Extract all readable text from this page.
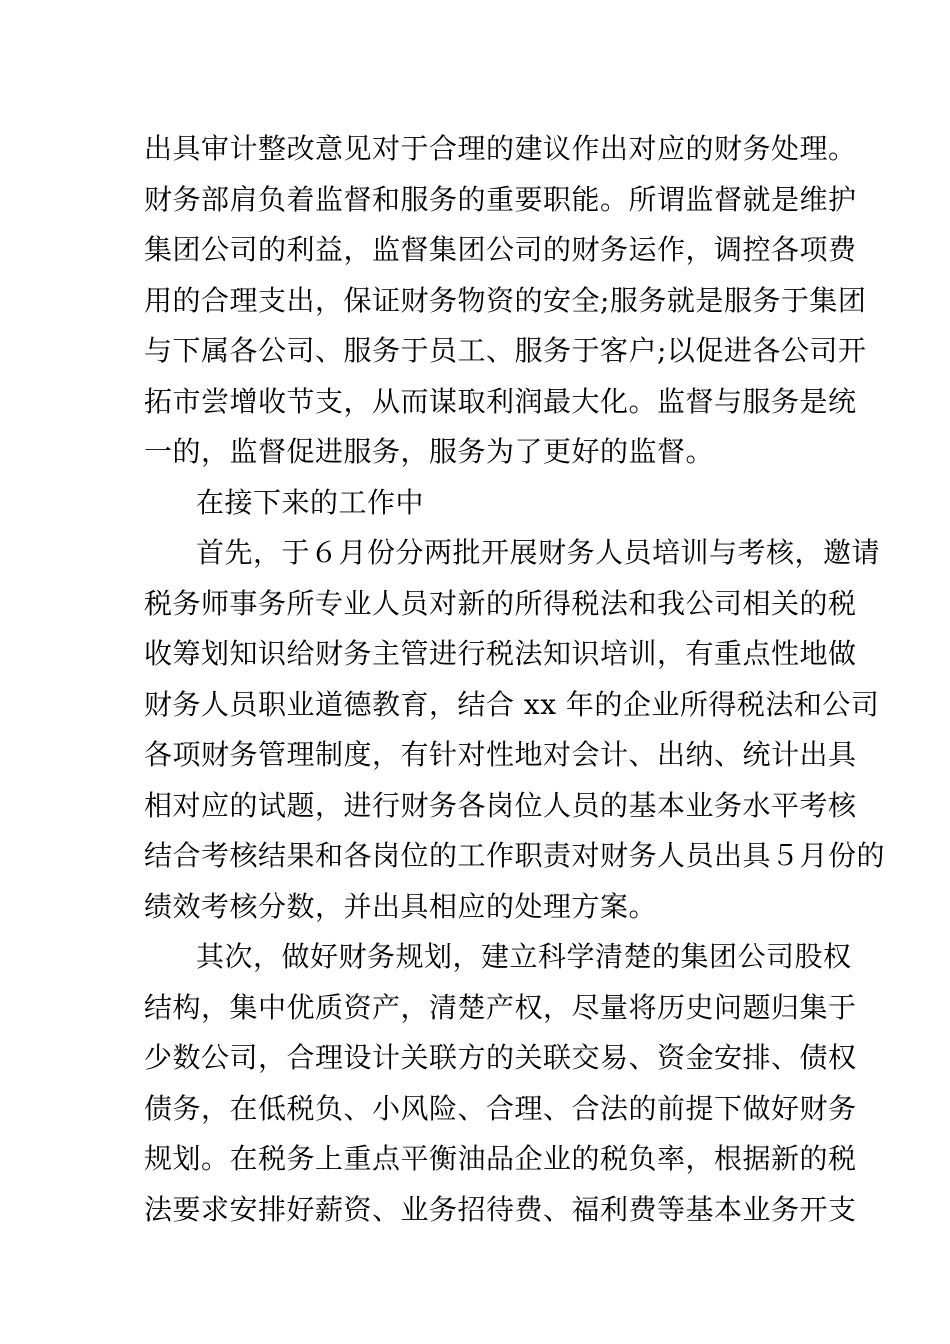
出具审计整改意见对于合理的建议作出对应的财务处理。
财务部肩负着监督和服务的重要职能。所谓监督就是维护
集团公司的利益，监督集团公司的财务运作，调控各项费
用的合理支出，保证财务物资的安全;服务就是服务于集团
与下属各公司、服务于员工、服务于客户;以促进各公司开
拓市尝增收节支，从而谋取利润最大化。监督与服务是统
一的，监督促进服务，服务为了更好的监督。
在接下来的工作中
首先，于６月份分两批开展财务人员培训与考核，邀请
税务师事务所专业人员对新的所得税法和我公司相关的税
收筹划知识给财务主管进行税法知识培训，有重点性地做
财务人员职业道德教育，结合 xx 年的企业所得税法和公司
各项财务管理制度，有针对性地对会计、出纳、统计出具
相对应的试题，进行财务各岗位人员的基本业务水平考核
结合考核结果和各岗位的工作职责对财务人员出具５月份的
绩效考核分数，并出具相应的处理方案。
其次，做好财务规划，建立科学清楚的集团公司股权
结构，集中优质资产，清楚产权，尽量将历史问题归集于
少数公司，合理设计关联方的关联交易、资金安排、债权
债务，在低税负、小风险、合理、合法的前提下做好财务
规划。在税务上重点平衡油品企业的税负率，根据新的税
法要求安排好薪资、业务招待费、福利费等基本业务开支
